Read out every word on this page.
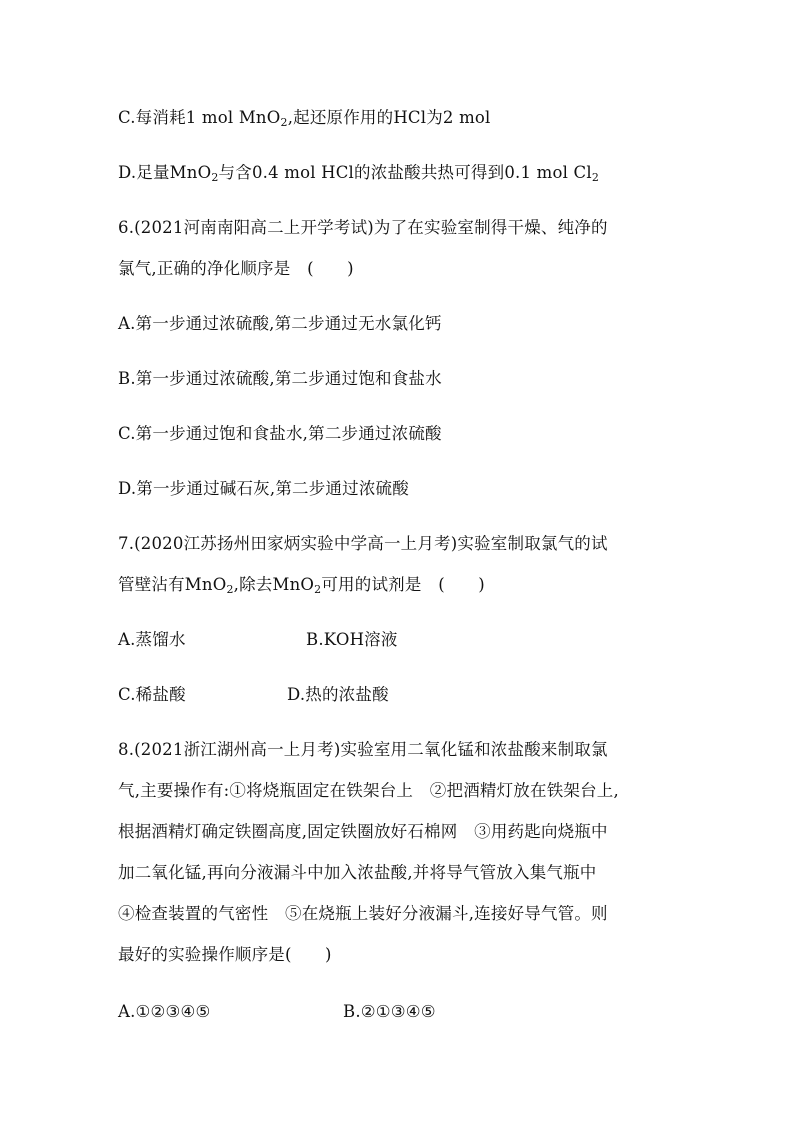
C.每消耗1 mol MnO$_2$,起还原作用的HCl为2 mol
D.足量MnO$_2$与含0.4 mol HCl的浓盐酸共热可得到0.1 mol $Cl_2$
6.(2021河南南阳高二上开学考试)为了在实验室制得干燥、纯净的
氯气,正确的净化顺序是　(　　)
A.第一步通过浓硫酸,第二步通过无水氯化钙
B.第一步通过浓硫酸,第二步通过饱和食盐水
C.第一步通过饱和食盐水,第二步通过浓硫酸
D.第一步通过碱石灰,第二步通过浓硫酸
7.(2020江苏扬州田家炳实验中学高一上月考)实验室制取氯气的试
管壁沾有MnO$_2$,除去MnO$_2$可用的试剂是　(　　)
A.蒸馏水	B.KOH溶液
C.稀盐酸	D.热的浓盐酸
8.(2021浙江湖州高一上月考)实验室用二氧化锰和浓盐酸来制取氯
气,主要操作有:①将烧瓶固定在铁架台上　②把酒精灯放在铁架台上,
根据酒精灯确定铁圈高度,固定铁圈放好石棉网　③用药匙向烧瓶中
加二氧化锰,再向分液漏斗中加入浓盐酸,并将导气管放入集气瓶中
④检查装置的气密性　⑤在烧瓶上装好分液漏斗,连接好导气管。则
最好的实验操作顺序是(　　)
A.①②③④⑤	B.②①③④⑤
